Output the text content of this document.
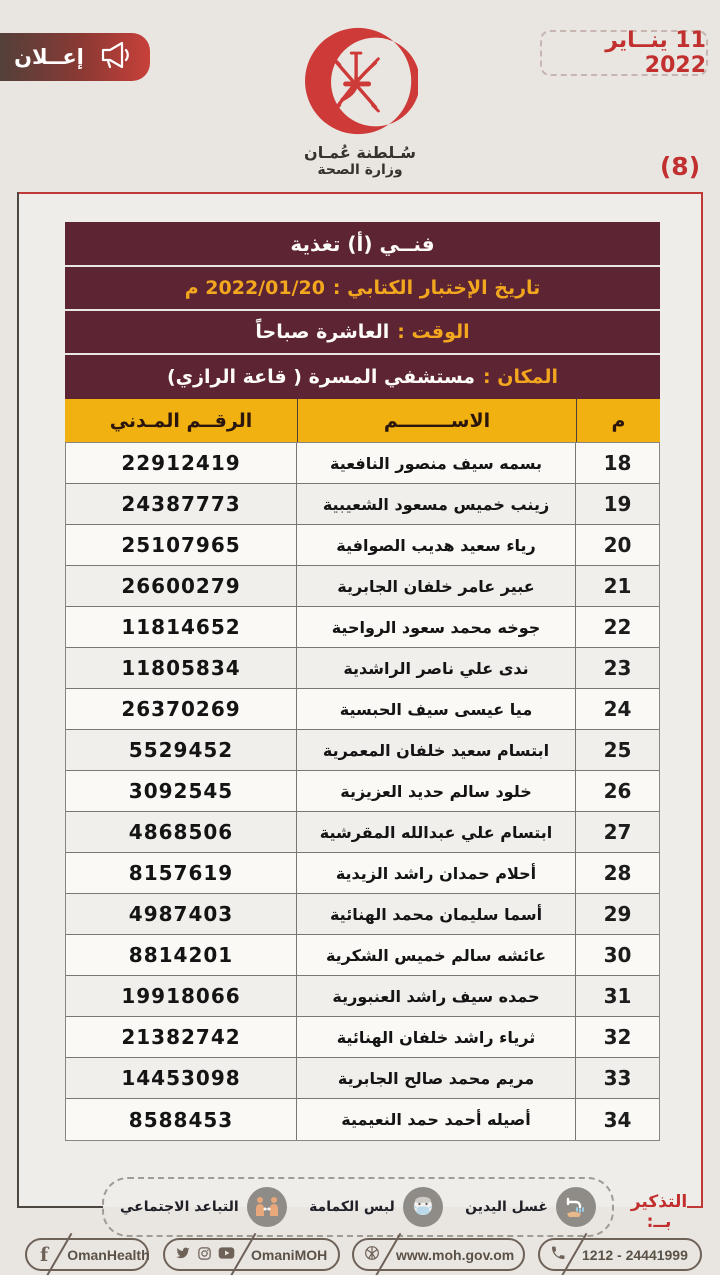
إعــلان
سُـلطنة عُمـان
وزارة الصحة
11 ينــاير 2022
(8)
فنــي (أ) تغذية
تاريخ الإختبار الكتابي :
2022/01/20 م
الوقت :
العاشرة صباحاً
المكان :
مستشفي المسرة ( قاعة الرازي)
م
الاســــــــم
الرقــم المـدني
18
بسمه سيف منصور النافعية
22912419
19
زينب خميس مسعود الشعيبية
24387773
20
رياء سعيد هديب الصوافية
25107965
21
عبير عامر خلفان الجابرية
26600279
22
جوخه محمد سعود الرواحية
11814652
23
ندى علي ناصر الراشدية
11805834
24
ميا عيسى سيف الحبسية
26370269
25
ابتسام سعيد خلفان المعمرية
5529452
26
خلود سالم حديد العزيزية
3092545
27
ابتسام علي عبدالله المقرشية
4868506
28
أحلام حمدان راشد الزيدية
8157619
29
أسما سليمان محمد الهنائية
4987403
30
عائشه سالم خميس الشكرية
8814201
31
حمده سيف راشد العنبورية
19918066
32
ثرياء راشد خلفان الهنائية
21382742
33
مريم محمد صالح الجابرية
14453098
34
أصيله أحمد حمد النعيمية
8588453
التذكير بــ:
غسل اليدين
لبس الكمامة
التباعد الاجتماعي
f OmanHealth	OmaniMOH	www.moh.gov.om	1212 - 24441999
